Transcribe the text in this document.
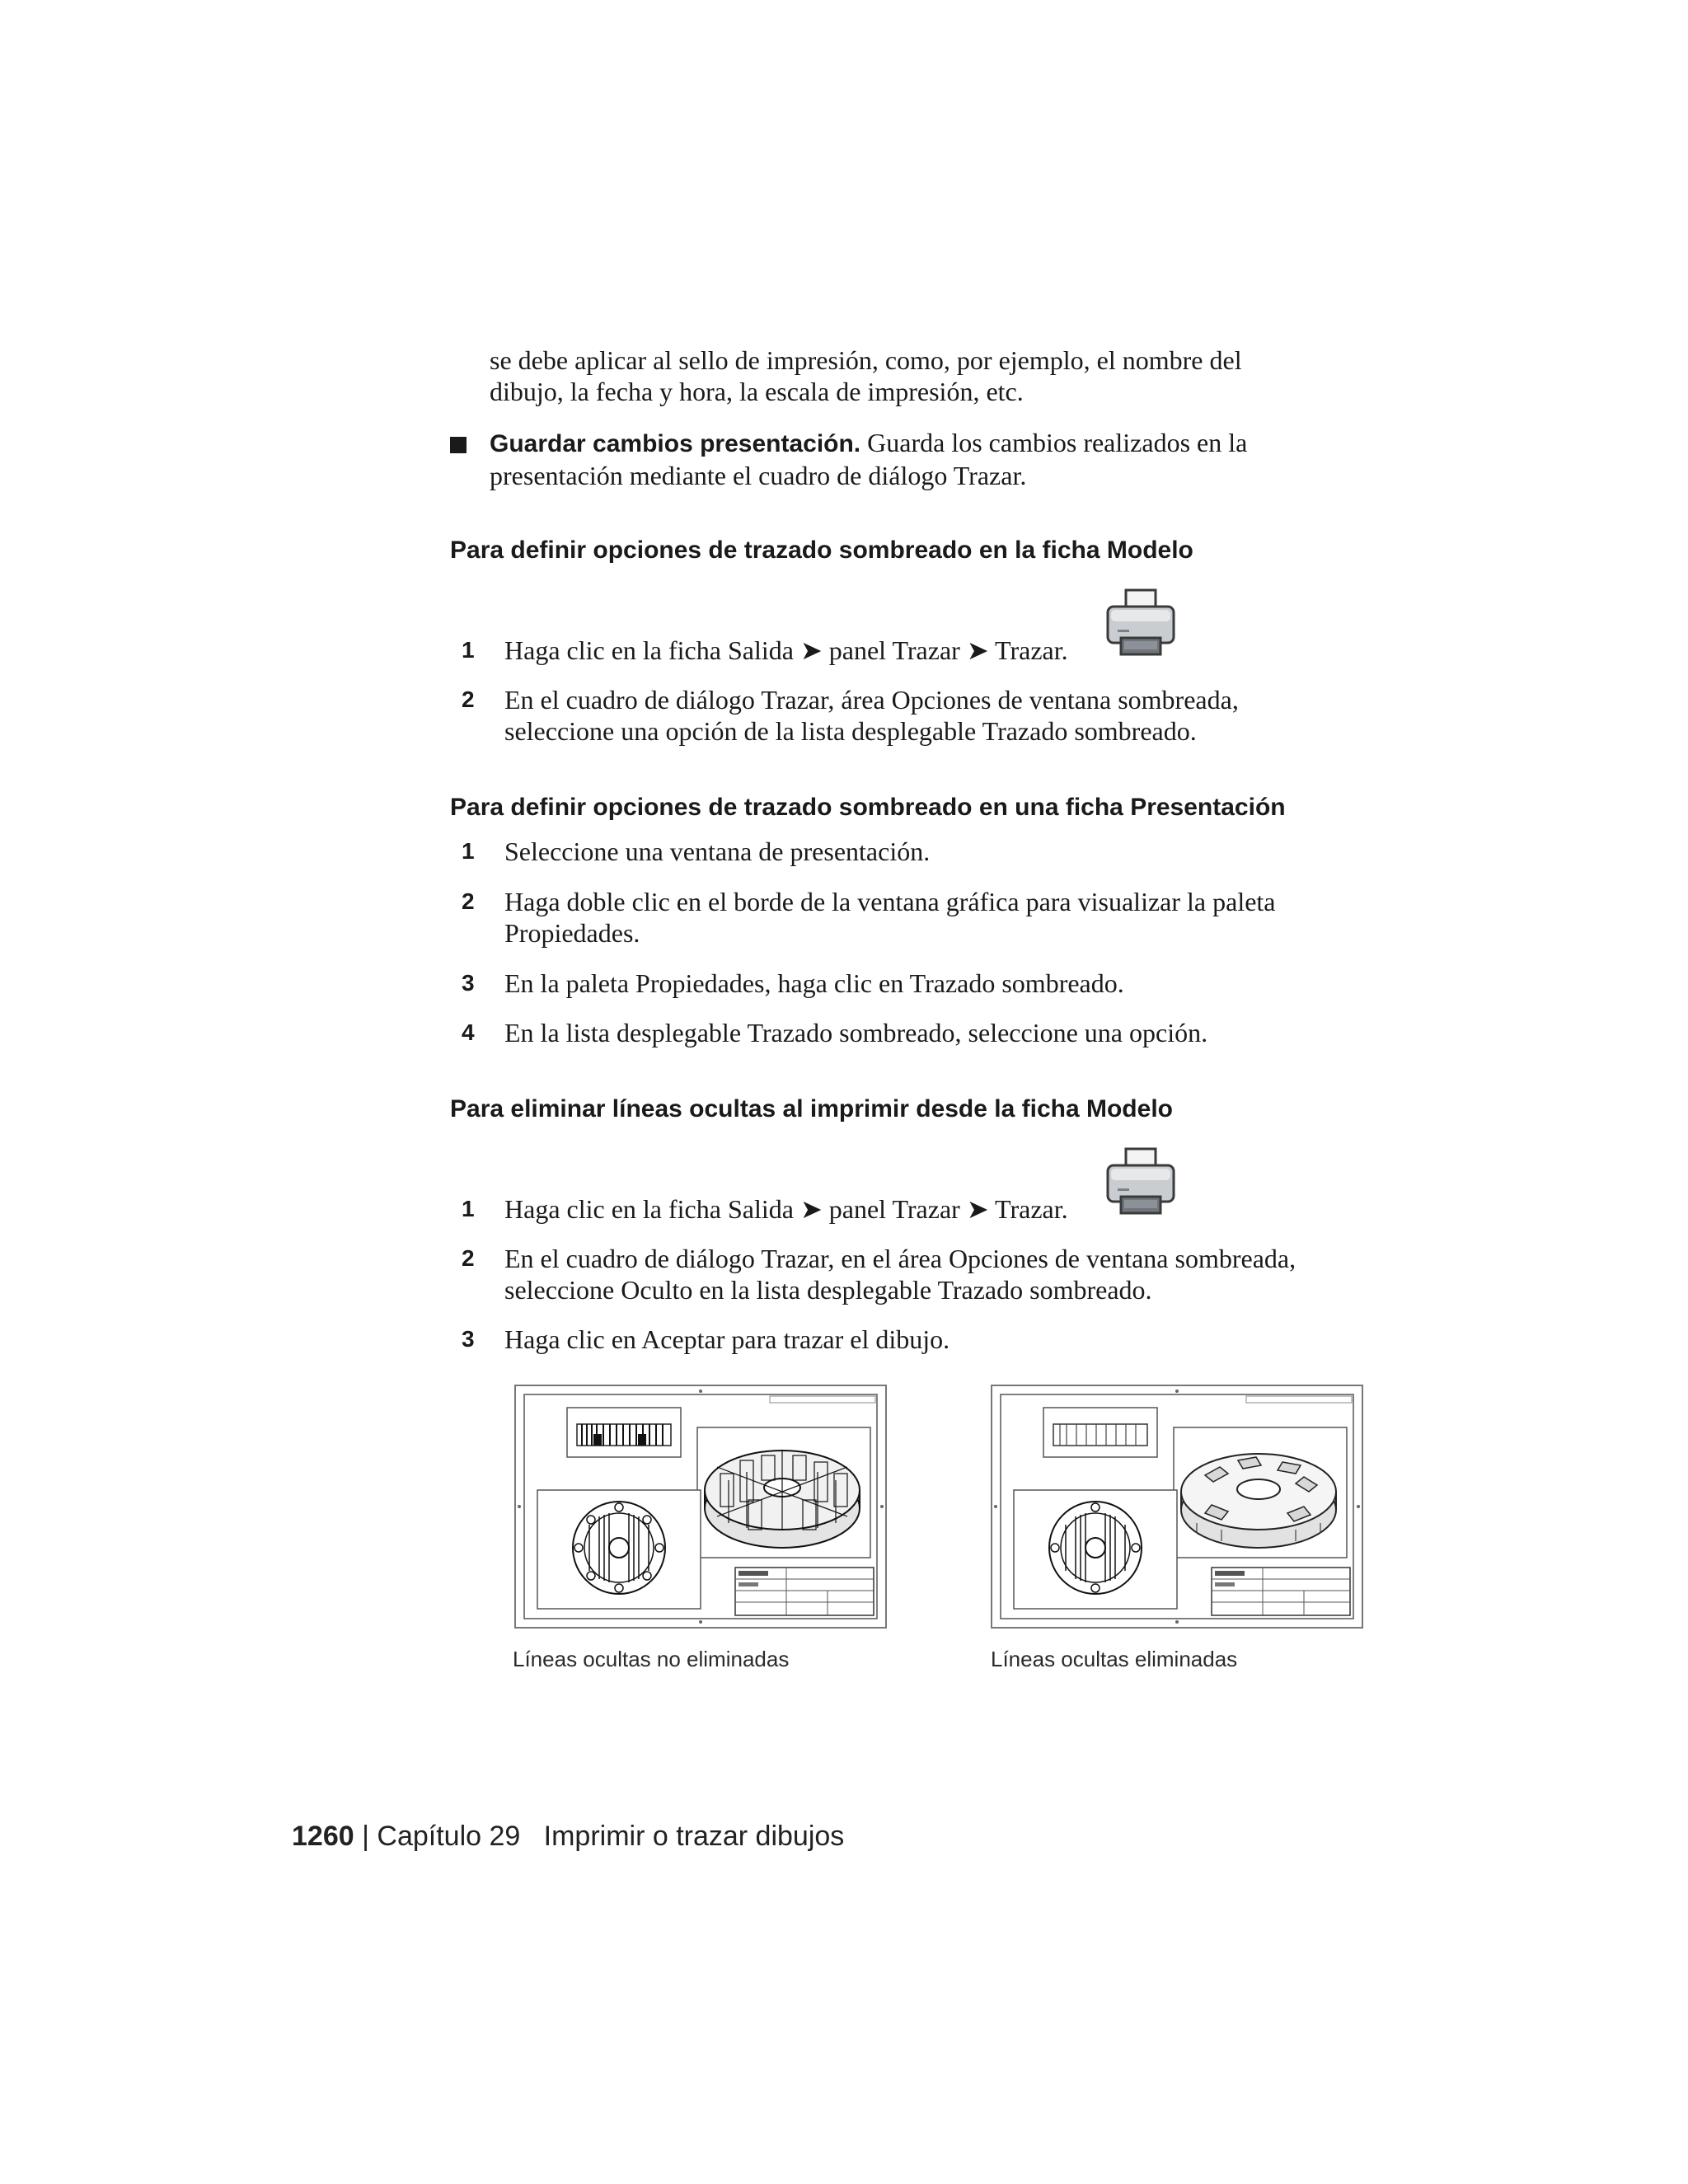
se debe aplicar al sello de impresión, como, por ejemplo, el nombre del
dibujo, la fecha y hora, la escala de impresión, etc.
Guardar cambios presentación. Guarda los cambios realizados en la
presentación mediante el cuadro de diálogo Trazar.
Para definir opciones de trazado sombreado en la ficha Modelo
1	Haga clic en la ficha Salida ➤ panel Trazar ➤ Trazar.
2	En el cuadro de diálogo Trazar, área Opciones de ventana sombreada,
seleccione una opción de la lista desplegable Trazado sombreado.
Para definir opciones de trazado sombreado en una ficha Presentación
1	Seleccione una ventana de presentación.
2	Haga doble clic en el borde de la ventana gráfica para visualizar la paleta
Propiedades.
3	En la paleta Propiedades, haga clic en Trazado sombreado.
4	En la lista desplegable Trazado sombreado, seleccione una opción.
Para eliminar líneas ocultas al imprimir desde la ficha Modelo
1	Haga clic en la ficha Salida ➤ panel Trazar ➤ Trazar.
2	En el cuadro de diálogo Trazar, en el área Opciones de ventana sombreada,
seleccione Oculto en la lista desplegable Trazado sombreado.
3	Haga clic en Aceptar para trazar el dibujo.
Líneas ocultas no eliminadas	Líneas ocultas eliminadas
1260 | Capítulo 29 Imprimir o trazar dibujos
